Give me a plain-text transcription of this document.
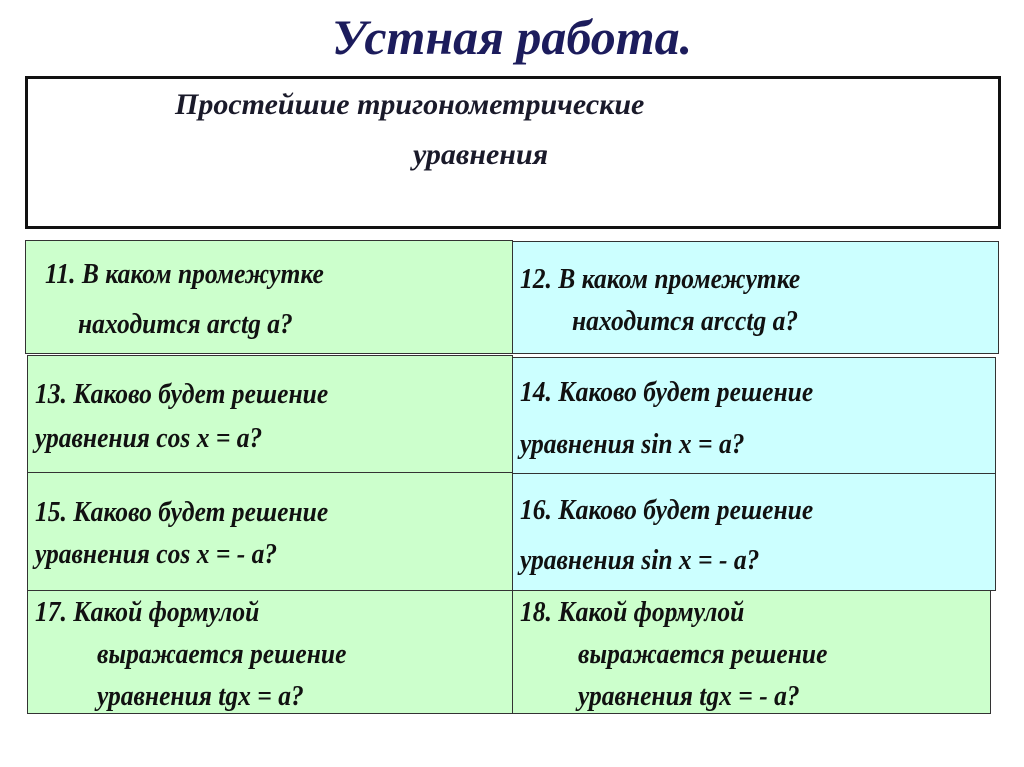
Устная работа.
Простейшие тригонометрические
уравнения
11. В каком промежутке
находится arctg a?
12. В каком промежутке
находится arcctg a?
13. Каково будет решение
уравнения cos x = a?
14. Каково будет решение
уравнения sin x = a?
15. Каково будет решение
уравнения cos x = - a?
16. Каково будет решение
уравнения sin x = - a?
17. Какой формулой
выражается решение
уравнения tgx = a?
18. Какой формулой
выражается решение
уравнения tgx = - a?
